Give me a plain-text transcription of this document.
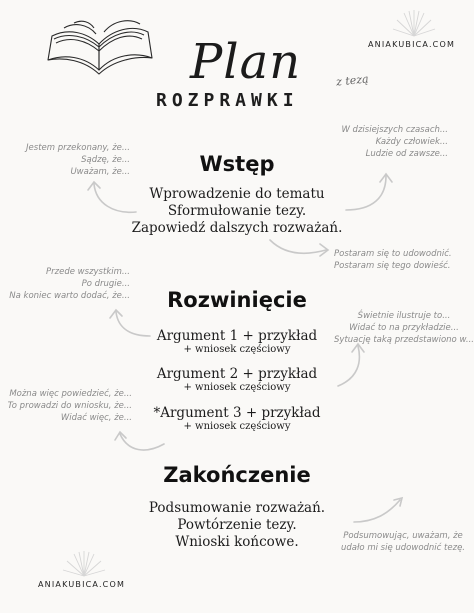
ANIAKUBICA.COM
Plan
ROZPRAWKI
z tezą
Jestem przekonany, że...
Sądzę, że...
Uważam, że...
W dzisiejszych czasach...
Każdy człowiek...
Ludzie od zawsze...
Postaram się to udowodnić.
Postaram się tego dowieść.
Wstęp
Wprowadzenie do tematu
Sformułowanie tezy.
Zapowiedź dalszych rozważań.
Przede wszystkim...
Po drugie...
Na koniec warto dodać, że...
Świetnie ilustruje to...
Widać to na przykładzie...
Sytuację taką przedstawiono w...
Można więc powiedzieć, że...
To prowadzi do wniosku, że...
Widać więc, że...
Rozwinięcie
Argument 1 + przykład
+ wniosek częściowy
Argument 2 + przykład
+ wniosek częściowy
*Argument 3 + przykład
+ wniosek częściowy
Zakończenie
Podsumowanie rozważań.
Powtórzenie tezy.
Wnioski końcowe.	Podsumowując, uważam, że
udało mi się udowodnić tezę.
ANIAKUBICA.COM
